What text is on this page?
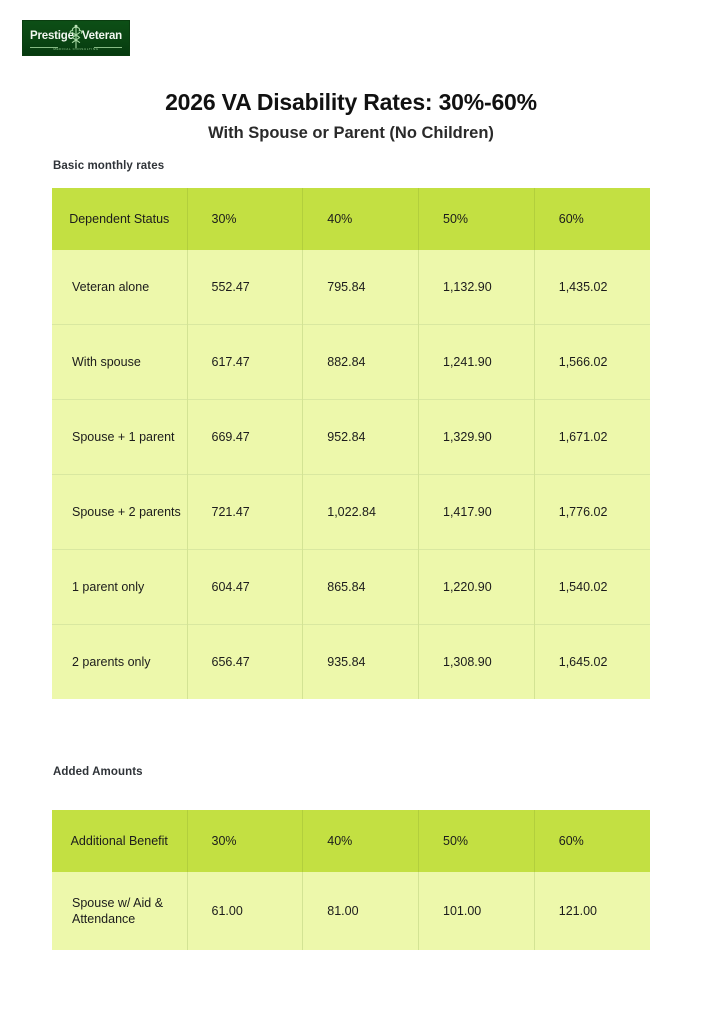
Prestige Veteran
MEDICAL CONSULTING
2026 VA Disability Rates: 30%-60%
With Spouse or Parent (No Children)
Basic monthly rates
Dependent Status	30%	40%	50%	60%
Veteran alone	552.47	795.84	1,132.90	1,435.02
With spouse	617.47	882.84	1,241.90	1,566.02
Spouse + 1 parent	669.47	952.84	1,329.90	1,671.02
Spouse + 2 parents	721.47	1,022.84	1,417.90	1,776.02
1 parent only	604.47	865.84	1,220.90	1,540.02
2 parents only	656.47	935.84	1,308.90	1,645.02
Added Amounts
Additional Benefit	30%	40%	50%	60%
Spouse w/ Aid & Attendance	61.00	81.00	101.00	121.00
